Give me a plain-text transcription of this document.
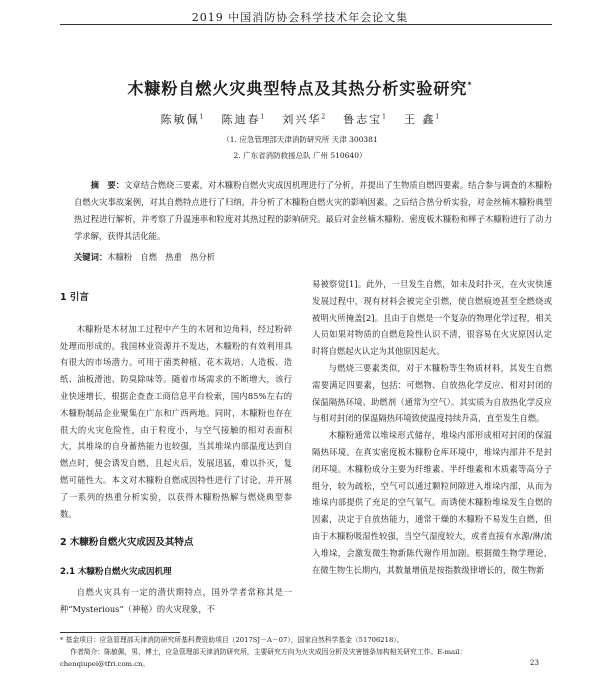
2019 中国消防协会科学技术年会论文集
木糠粉自燃火灾典型特点及其热分析实验研究*
陈敏佩$^1$ 陈迪春$^1$ 刘兴华$^2$ 鲁志宝$^1$ 王 鑫$^1$
（1. 应急管理部天津消防研究所 天津 300381
2. 广东省消防救援总队 广州 510640）
摘　要：文章结合燃烧三要素，对木糠粉自燃火灾成因机理进行了分析，并提出了生物质自燃四要素。结合参与调查的木糠粉自燃火灾事故案例，对其自燃特点进行了归纳，并分析了木糠粉自燃火灾的影响因素。之后结合热分析实验，对金丝楠木糠粉典型热过程进行解析，并考察了升温速率和粒度对其热过程的影响研究。最后对金丝楠木糠粉、密度板木糠粉和榉子木糠粉进行了动力学求解，获得其活化能。
关键词：木糠粉　自燃　热重　热分析
1 引言

木糠粉是木材加工过程中产生的木屑和边角料，经过粉碎处理而形成的。我国林业资源并不发达，木糠粉的有效利用具有很大的市场潜力。可用于菌类种植、花木栽培、人造板、造纸、油板滑池、防臭除味等。随着市场需求的不断增大，该行业快速增长，根据企查查工商信息平台检索，国内85%左右的木糠粉制品企业聚集在广东和广西两地。同时，木糠粉也存在很大的火灾危险性，由于粒度小，与空气接触的相对表面积大，其堆垛的自身蓄热能力也较强，当其堆垛内部温度达到自燃点时，便会诱发自燃，且起火后，发展迅猛，难以扑灭，复燃可能性大。本文对木糠粉自燃成因特性进行了讨论，并开展了一系列的热重分析实验，以获得木糠粉热解与燃烧典型参数。

2 木糠粉自燃火灾成因及其特点
2.1 木糠粉自燃火灾成因机理

自燃火灾具有一定的潜伏期特点，国外学者常称其是一种“Mysterious”（神秘）的火灾现象，不

易被察觉[1]。此外，一旦发生自燃，如未及时扑灭，在火灾快速发展过程中，现有材料会被完全引燃，使自燃痕迹甚至全燃烧或被明火所掩盖[2]。且由于自燃是一个复杂的物理化学过程，相关人员如果对物质的自燃危险性认识不清，很容易在火灾原因认定时将自燃起火认定为其他原因起火。

与燃烧三要素类似，对于木糠粉等生物质材料，其发生自燃需要满足四要素，包括：可燃物、自放热化学反应、相对封闭的保温隔热环境、助燃剂（通常为空气）。其实质为自放热化学反应与相对封闭的保温隔热环境致使温度持续升高，直至发生自燃。

木糠粉通常以堆垛形式储存，堆垛内部形成相对封闭的保温隔热环境。在真实密度板木糠粉仓库环境中，堆垛内部并不是封闭环境。木糠粉成分主要为纤维素、半纤维素和木质素等高分子组分，较为疏松，空气可以通过颗粒间隙进入堆垛内部，从而为堆垛内部提供了充足的空气氧气。而诱使木糠粉堆垛发生自燃的因素，决定于自放热能力，通常干燥的木糠粉不易发生自燃，但由于木糠粉吸湿性较强，当空气湿度较大，或者直接有水源/淋/流入堆垛，会激发微生物新陈代谢作用加剧。根据微生物学理论，在微生物生长期内，其数量增值是按指数级律增长的，微生物新

* 基金项目：应急管理部天津消防研究所基科费资助项目（2017SJ－A－07），国家自然科学基金（51706218）。
作者简介：陈敏佩，男，博士，应急管理部天津消防研究所，主要研究方向为火灾成因分析及灾害链条加构相关研究工作。E-mail：
chenqiupei@tfri.com.cn。	23
